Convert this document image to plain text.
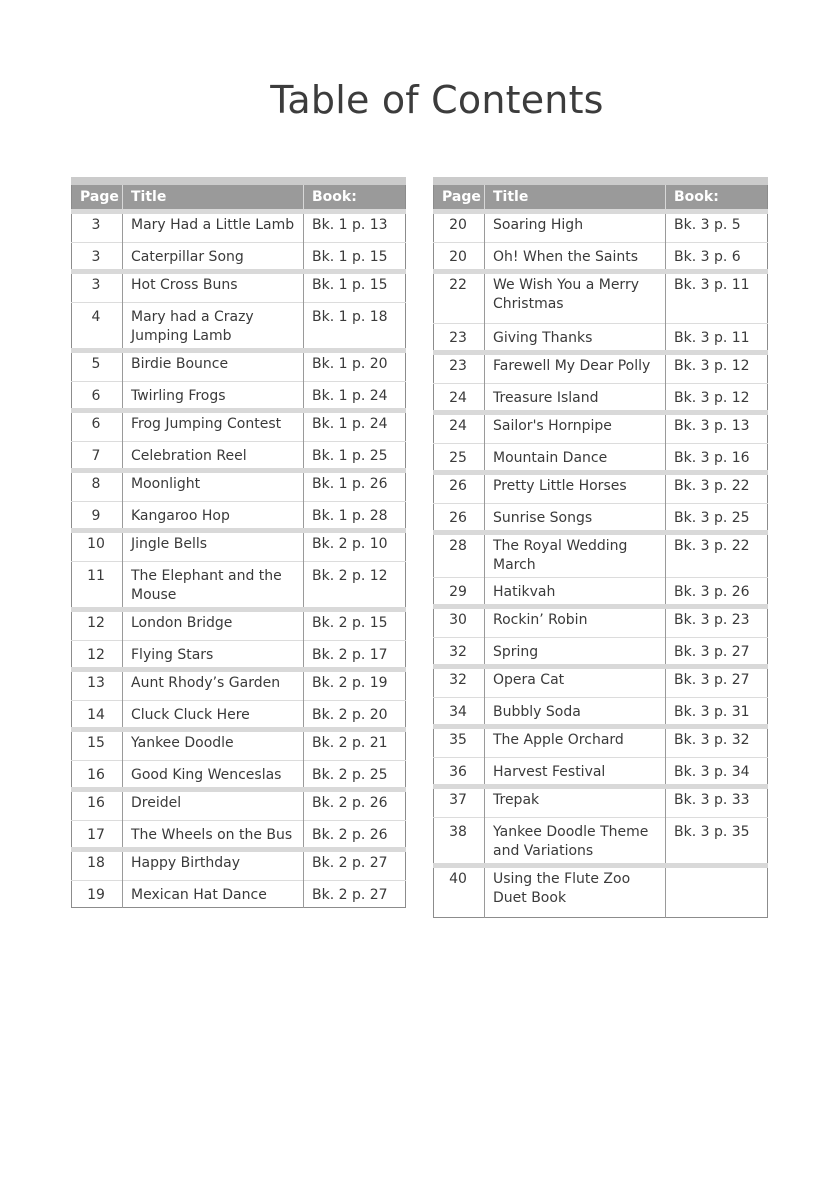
Table of Contents
Page	Title	Book:
3	Mary Had a Little Lamb	Bk. 1 p. 13
3	Caterpillar Song	Bk. 1 p. 15
3	Hot Cross Buns	Bk. 1 p. 15
4	Mary had a Crazy Jumping Lamb	Bk. 1 p. 18
5	Birdie Bounce	Bk. 1 p. 20
6	Twirling Frogs	Bk. 1 p. 24
6	Frog Jumping Contest	Bk. 1 p. 24
7	Celebration Reel	Bk. 1 p. 25
8	Moonlight	Bk. 1 p. 26
9	Kangaroo Hop	Bk. 1 p. 28
10	Jingle Bells	Bk. 2 p. 10
11	The Elephant and the Mouse	Bk. 2 p. 12
12	London Bridge	Bk. 2 p. 15
12	Flying Stars	Bk. 2 p. 17
13	Aunt Rhody’s Garden	Bk. 2 p. 19
14	Cluck Cluck Here	Bk. 2 p. 20
15	Yankee Doodle	Bk. 2 p. 21
16	Good King Wenceslas	Bk. 2 p. 25
16	Dreidel	Bk. 2 p. 26
17	The Wheels on the Bus	Bk. 2 p. 26
18	Happy Birthday	Bk. 2 p. 27
19	Mexican Hat Dance	Bk. 2 p. 27
Page	Title	Book:
20	Soaring High	Bk. 3 p. 5
20	Oh! When the Saints	Bk. 3 p. 6
22	We Wish You a Merry Christmas	Bk. 3 p. 11
23	Giving Thanks	Bk. 3 p. 11
23	Farewell My Dear Polly	Bk. 3 p. 12
24	Treasure Island	Bk. 3 p. 12
24	Sailor's Hornpipe	Bk. 3 p. 13
25	Mountain Dance	Bk. 3 p. 16
26	Pretty Little Horses	Bk. 3 p. 22
26	Sunrise Songs	Bk. 3 p. 25
28	The Royal Wedding March	Bk. 3 p. 22
29	Hatikvah	Bk. 3 p. 26
30	Rockin’ Robin	Bk. 3 p. 23
32	Spring	Bk. 3 p. 27
32	Opera Cat	Bk. 3 p. 27
34	Bubbly Soda	Bk. 3 p. 31
35	The Apple Orchard	Bk. 3 p. 32
36	Harvest Festival	Bk. 3 p. 34
37	Trepak	Bk. 3 p. 33
38	Yankee Doodle Theme and Variations	Bk. 3 p. 35
40	Using the Flute Zoo Duet Book	
